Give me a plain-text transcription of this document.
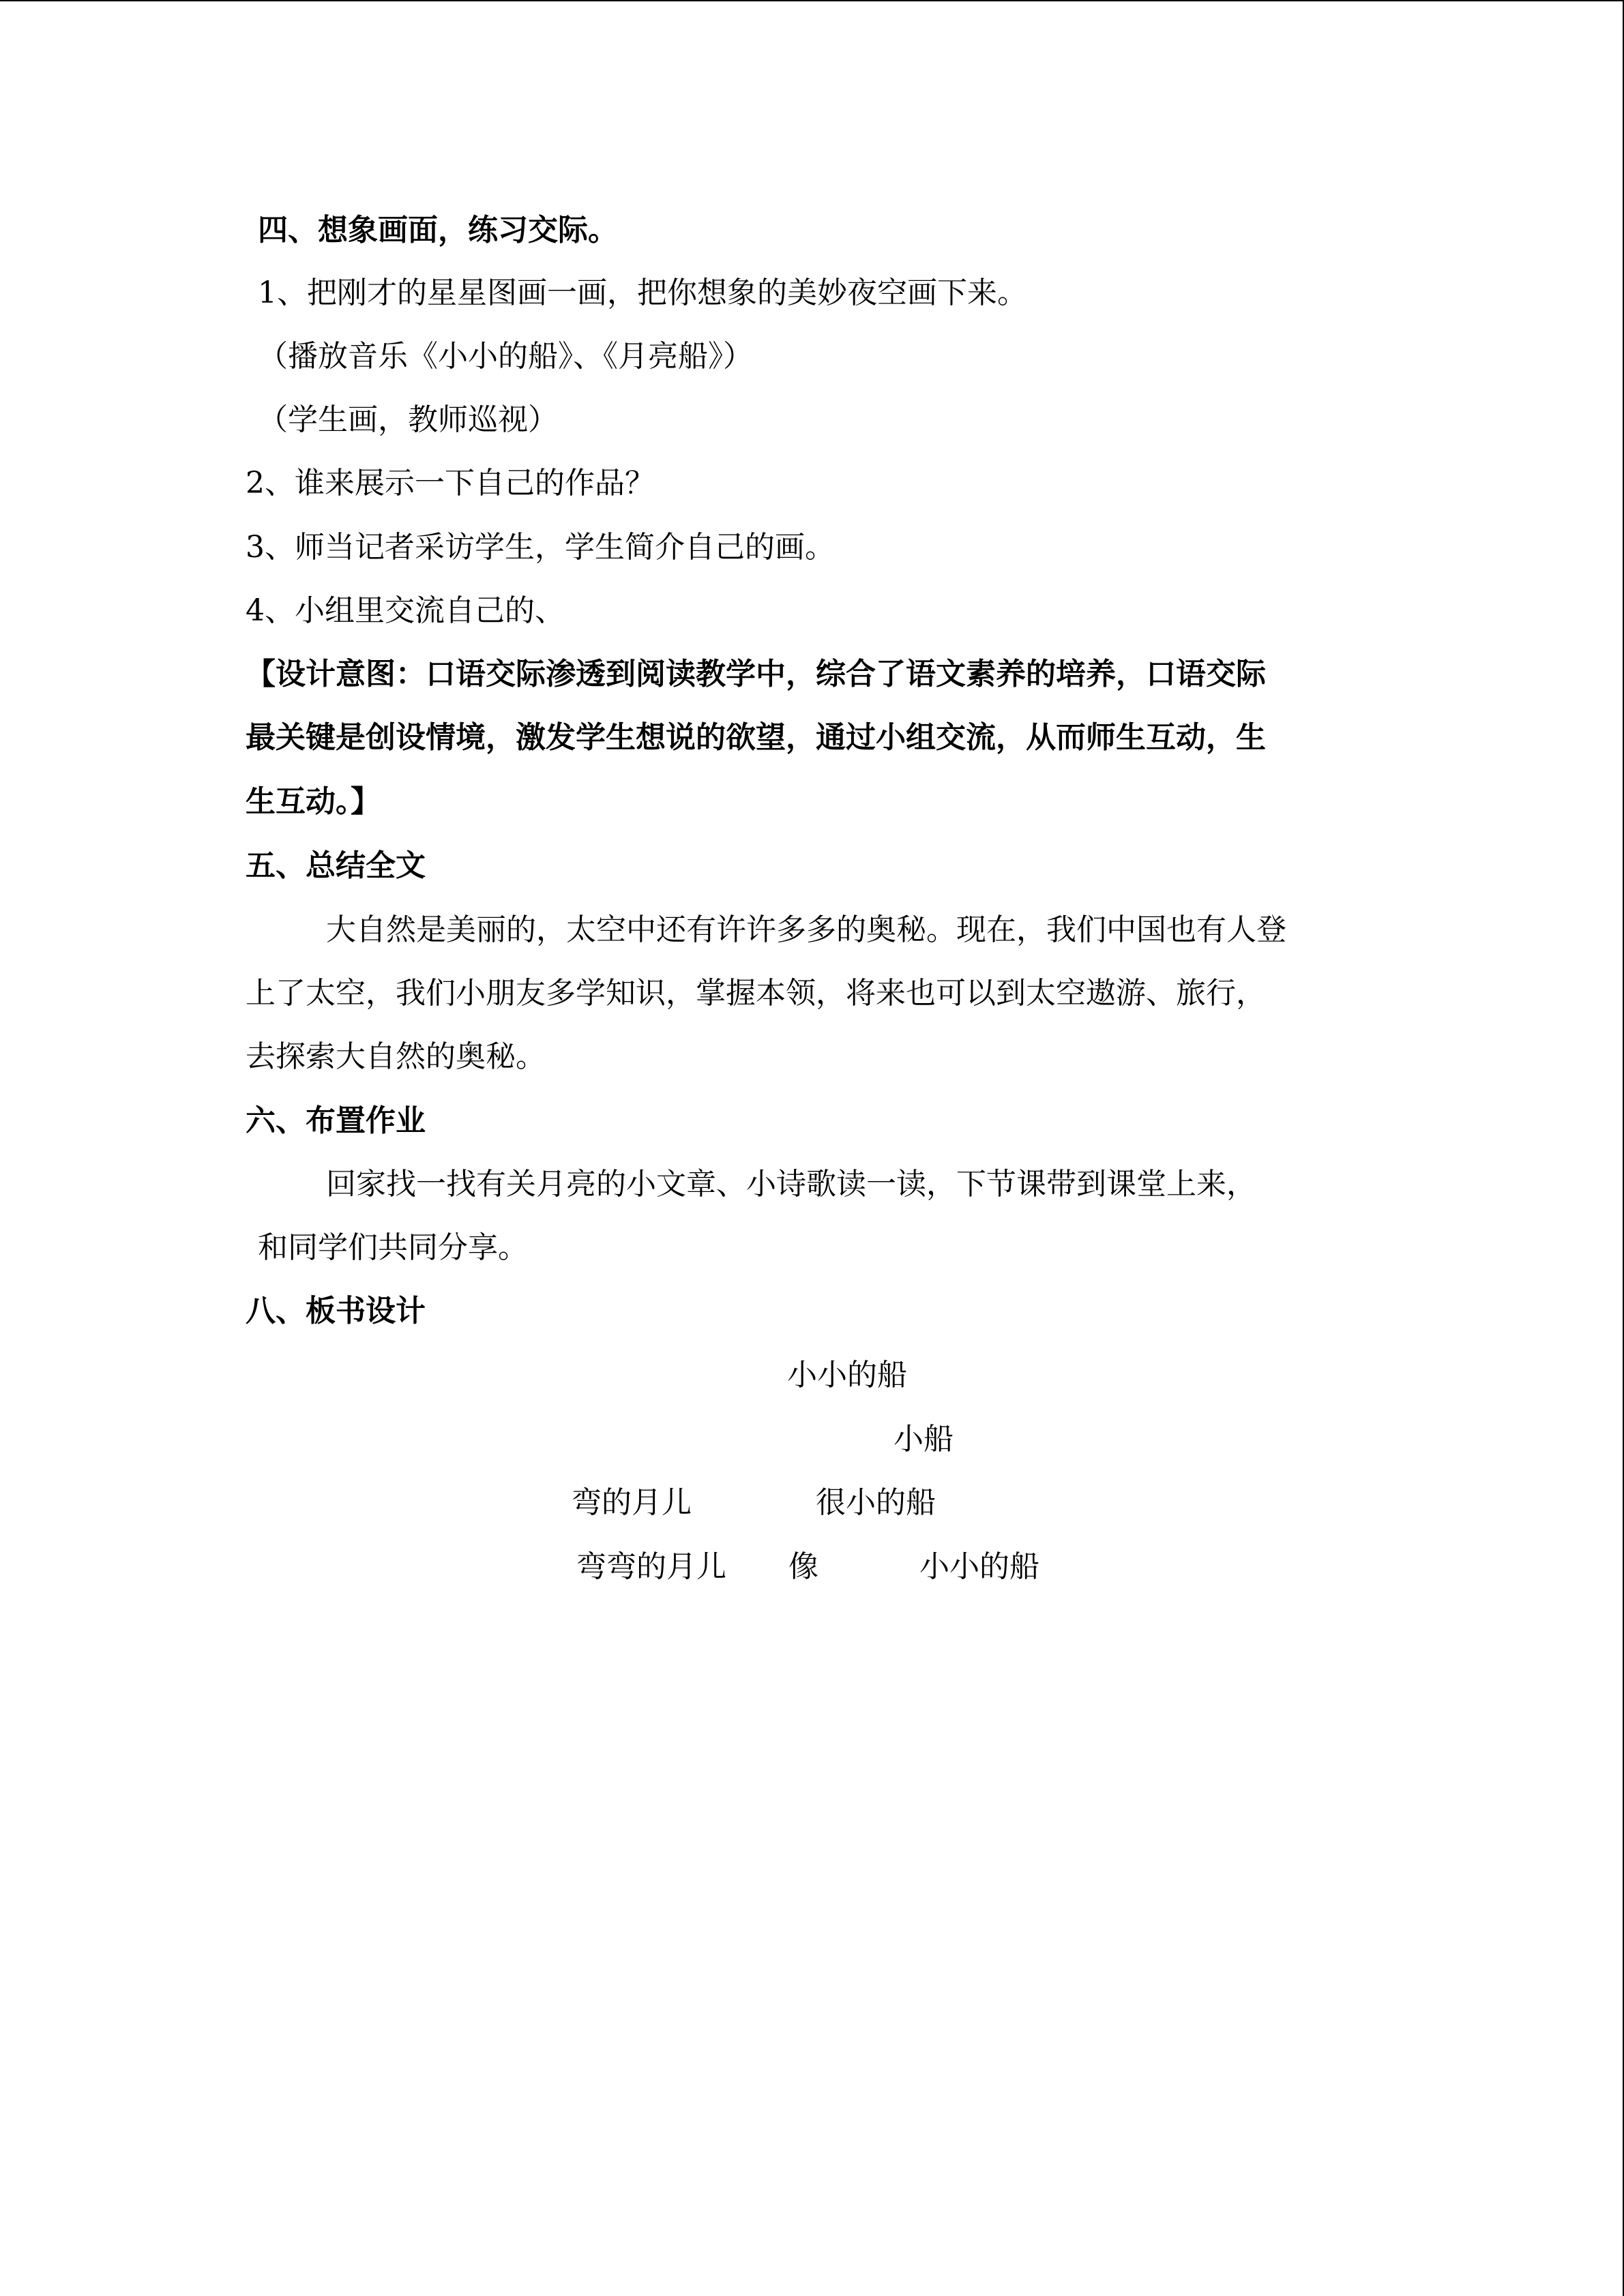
四、想象画面，练习交际。
1、把刚才的星星图画一画，把你想象的美妙夜空画下来。
（播放音乐《小小的船》、《月亮船》）
（学生画，教师巡视）
2、谁来展示一下自己的作品？
3、师当记者采访学生，学生简介自己的画。
4、小组里交流自己的、
【设计意图：口语交际渗透到阅读教学中，综合了语文素养的培养，口语交际
最关键是创设情境，激发学生想说的欲望，通过小组交流，从而师生互动，生
生互动。】
五、总结全文
大自然是美丽的，太空中还有许许多多的奥秘。现在，我们中国也有人登
上了太空，我们小朋友多学知识，掌握本领，将来也可以到太空遨游、旅行，
去探索大自然的奥秘。
六、布置作业
回家找一找有关月亮的小文章、小诗歌读一读，下节课带到课堂上来，
和同学们共同分享。
八、板书设计
小小的船
小船
弯的月儿	很小的船
弯弯的月儿 像	小小的船
